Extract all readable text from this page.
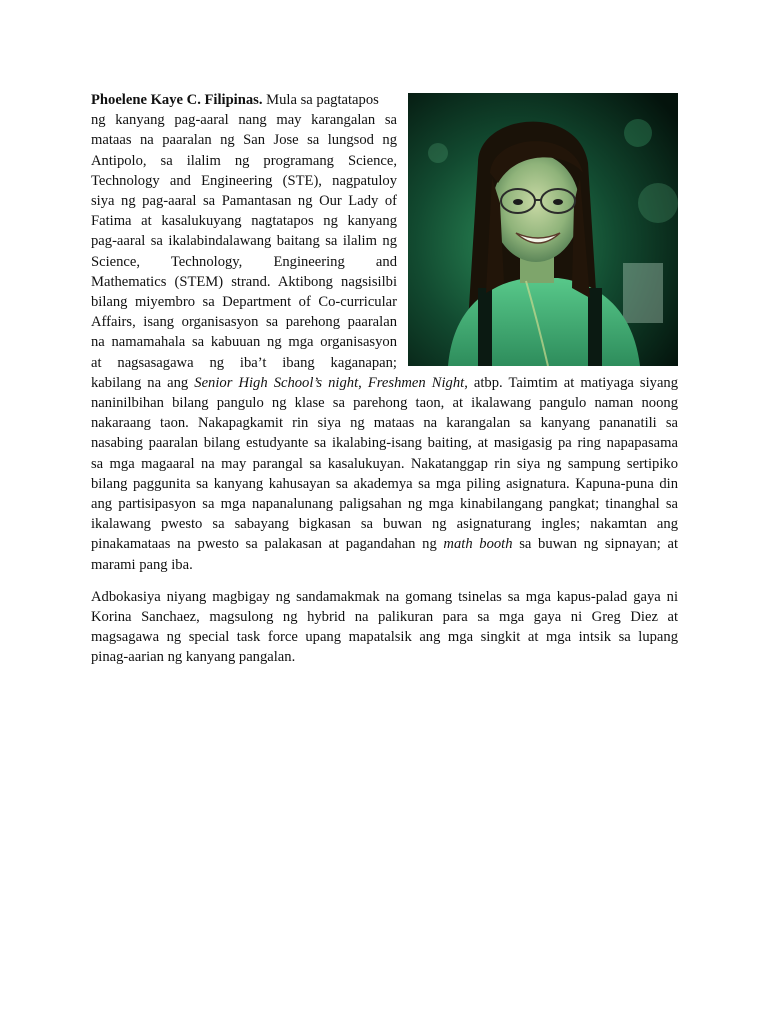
Phoelene Kaye C. Filipinas. Mula sa pagtatapos

ng kanyang pag-aaral nang may karangalan sa

mataas na paaralan ng San Jose sa lungsod ng

Antipolo, sa ilalim ng programang Science,

Technology and Engineering (STE), nagpatuloy

siya ng pag-aaral sa Pamantasan ng Our Lady of

Fatima at kasalukuyang nagtatapos ng kanyang

pag-aaral sa ikalabindalawang baitang sa ilalim ng

Science, Technology, Engineering and

Mathematics (STEM) strand. Aktibong nagsisilbi

bilang miyembro sa Department of Co-curricular

Affairs, isang organisasyon sa parehong paaralan

na namamahala sa kabuuan ng mga organisasyon

at nagsasagawa ng iba’t ibang kaganapan;

kabilang na ang Senior High School’s night, Freshmen Night, atbp. Taimtim at matiyaga siyang

naninilbihan bilang pangulo ng klase sa parehong taon, at ikalawang pangulo naman noong

nakaraang taon. Nakapagkamit rin siya ng mataas na karangalan sa kanyang pananatili sa

nasabing paaralan bilang estudyante sa ikalabing-isang baiting, at masigasig pa ring napapasama

sa mga magaaral na may parangal sa kasalukuyan. Nakatanggap rin siya ng sampung sertipiko

bilang paggunita sa kanyang kahusayan sa akademya sa mga piling asignatura. Kapuna-puna din

ang partisipasyon sa mga napanalunang paligsahan ng mga kinabilangang pangkat; tinanghal sa

ikalawang pwesto sa sabayang bigkasan sa buwan ng asignaturang ingles; nakamtan ang

pinakamataas na pwesto sa palakasan at pagandahan ng math booth sa buwan ng sipnayan; at

marami pang iba.

Adbokasiya niyang magbigay ng sandamakmak na gomang tsinelas sa mga kapus-palad gaya ni

Korina Sanchaez, magsulong ng hybrid na palikuran para sa mga gaya ni Greg Diez at

magsagawa ng special task force upang mapatalsik ang mga singkit at mga intsik sa lupang

pinag-aarian ng kanyang pangalan.
